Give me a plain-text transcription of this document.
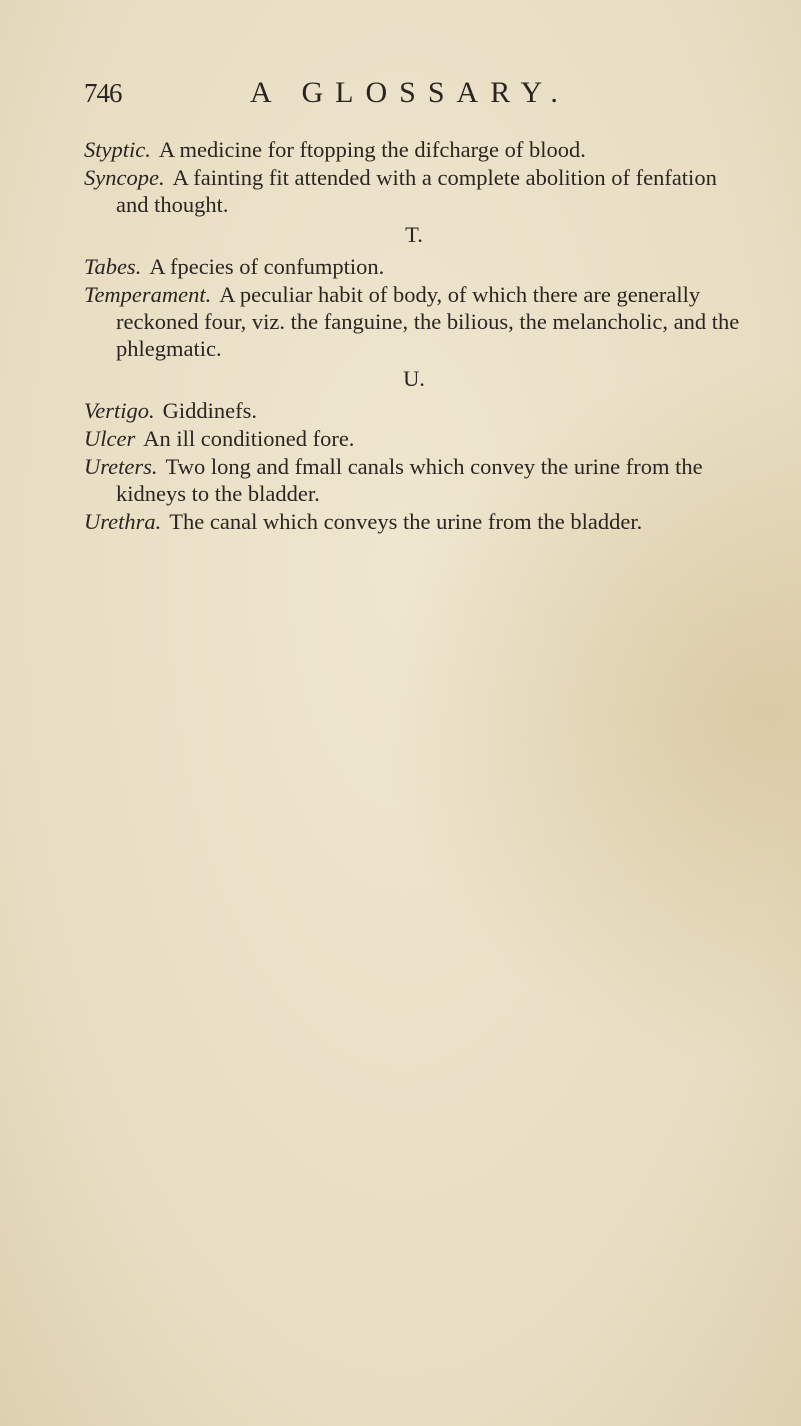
746	A GLOSSARY.

Styptic. A medicine for ftopping the difcharge of blood.

Syncope. A fainting fit attended with a complete abolition of fenfation and thought.

T.

Tabes. A fpecies of confumption.

Temperament. A peculiar habit of body, of which there are generally reckoned four, viz. the fanguine, the bilious, the melancholic, and the phlegmatic.

U.

Vertigo. Giddinefs.

Ulcer An ill conditioned fore.

Ureters. Two long and fmall canals which convey the urine from the kidneys to the bladder.

Urethra. The canal which conveys the urine from the bladder.
